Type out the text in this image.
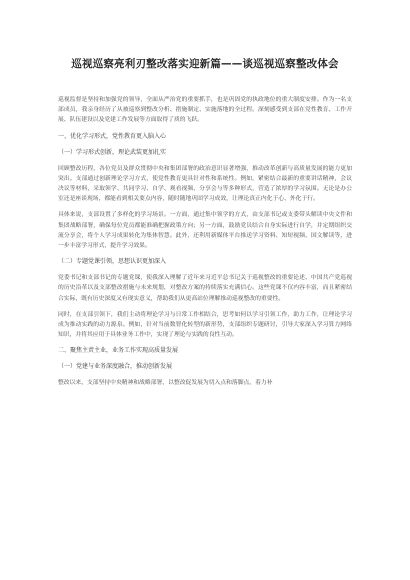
巡视巡察亮利刃整改落实迎新篇——谈巡视巡察整改体会

巡视监督是坚持和加强党的领导，全面从严治党的重要抓手，也是巩固党的执政地位的重大制度安排。作为一名支部成员，我亲身经历了从被巡察到整改分析、措施制定、实施落地的全过程。深刻感受到支部在党性教育、工作开展、队伍建设以及党建工作发展等方面取得了质的飞跃。

一、优化学习形式，党性教育更入脑入心
（一）学习形式创新，理论武装更加扎实

回顾整改历程，各位党员及群众贯彻中央和集团部署的政治意识显著增强，推动改革创新与高质量发展的能力更加突出。支部通过创新理论学习方式，使党性教育更具针对性和系统性。例如，紧密结合最新的重要讲话精神，会议决议等材料，采取领学、共同学习、自学、观看视频、分享会与等多种形式，营造了浓厚的学习氛围。无论是办公室还是座谈现场，都能看到相关要点内容，随时随地巩固学习成效，让理论真正内化于心、外化于行。

具体来说，支部设置了多样化的学习场景。一方面，通过集中领学的方式，由支部书记或支委带头解读中央文件和集团战略部署，确保每位党员都能准确把握政策方向；另一方面，鼓励党员结合自身实际进行自学，并定期组织交流分享会，将个人学习成果转化为集体智慧。此外，还利用新媒体平台推送学习资料、知短视频、国文解读等，进一步丰富学习形式，提升学习效果。

（二）专题党课引领，思想认识更加深入

党委书记和支部书记的专题党课，使我深入理解了近年来习近平总书记关于巡视整改的重要论述、中国共产党巡视的历史沿革以及支部整改措施与未来规划，对整改方案的持续落实充满信心。这些党课不仅内容丰富，而且紧密结合实际，既有历史深度又有现实意义，帮助我们从更高站位理解推动巡视整改的重要性。

同时，在支部引领下，我们主动将理论学习与日常工作相结合，思考如何以学习引领工作，助力工作，让理论学习成为推动实践的动力源泉。例如，针对当前数智化转型的新形势，支部组织专题研讨，引导大家深入学习算力网络知识，并将其应用于具体业务工作中，实现了理论与实践的良性互动。

二、聚焦主责主业，业务工作实现高质量发展
（一）党建与业务深度融合，推动创新发展

整改以来，支部坚持中央精神和战略部署，以整改促发展为切入点和落脚点，着力补
